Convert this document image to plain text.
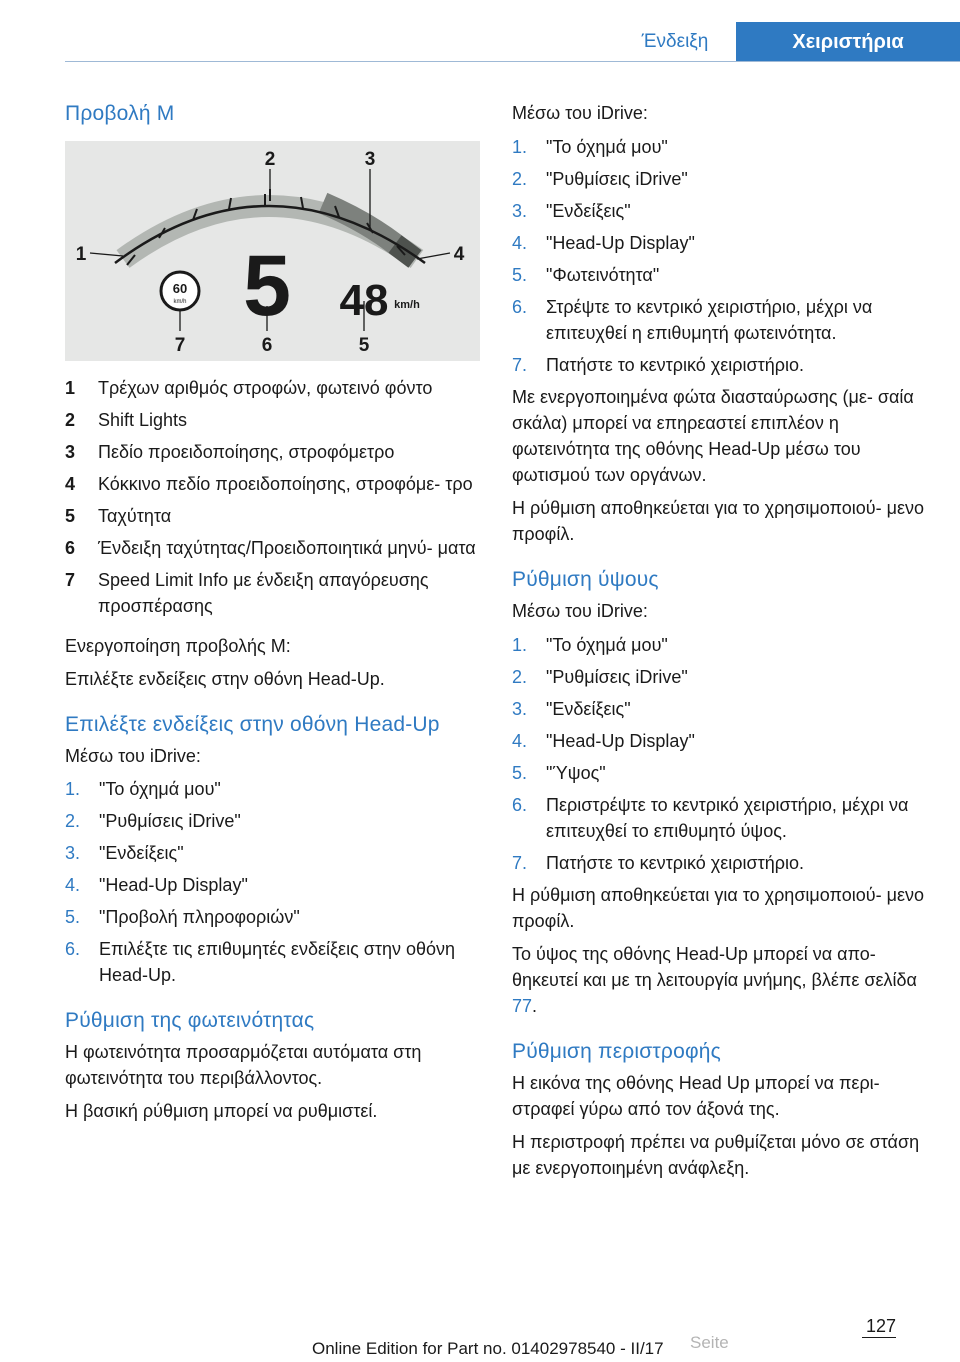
Ένδειξη	Χειριστήρια
Προβολή M
60
km/h 5 48 km/h
1
2	3
4
5
6
7
1	Τρέχων αριθμός στροφών, φωτεινό φόντο
2	Shift Lights
3	Πεδίο προειδοποίησης, στροφόμετρο
4	Κόκκινο πεδίο προειδοποίησης, στροφόμε‐ τρο
5	Ταχύτητα
6	Ένδειξη ταχύτητας/Προειδοποιητικά μηνύ‐ ματα
7	Speed Limit Info με ένδειξη απαγόρευσης προσπέρασης

Ενεργοποίηση προβολής M:

Επιλέξτε ενδείξεις στην οθόνη Head-Up.

Επιλέξτε ενδείξεις στην οθόνη Head-Up

Μέσω του iDrive:

1.	"Το όχημά μου"
2.	"Ρυθμίσεις iDrive"
3.	"Ενδείξεις"
4.	"Head-Up Display"
5.	"Προβολή πληροφοριών"
6.	Επιλέξτε τις επιθυμητές ενδείξεις στην οθόνη Head-Up.
Ρύθμιση της φωτεινότητας

Η φωτεινότητα προσαρμόζεται αυτόματα στη φωτεινότητα του περιβάλλοντος.

Η βασική ρύθμιση μπορεί να ρυθμιστεί.

Μέσω του iDrive:

1.	"Το όχημά μου"
2.	"Ρυθμίσεις iDrive"
3.	"Ενδείξεις"
4.	"Head-Up Display"
5.	"Φωτεινότητα"
6.	Στρέψτε το κεντρικό χειριστήριο, μέχρι να επιτευχθεί η επιθυμητή φωτεινότητα.
7.	Πατήστε το κεντρικό χειριστήριο.

Με ενεργοποιημένα φώτα διασταύρωσης (με‐ σαία σκάλα) μπορεί να επηρεαστεί επιπλέον η φωτεινότητα της οθόνης Head-Up μέσω του φωτισμού των οργάνων.

Η ρύθμιση αποθηκεύεται για το χρησιμοποιού‐ μενο προφίλ.

Ρύθμιση ύψους

Μέσω του iDrive:

1.	"Το όχημά μου"
2.	"Ρυθμίσεις iDrive"
3.	"Ενδείξεις"
4.	"Head-Up Display"
5.	"Ύψος"
6.	Περιστρέψτε το κεντρικό χειριστήριο, μέχρι να επιτευχθεί το επιθυμητό ύψος.
7.	Πατήστε το κεντρικό χειριστήριο.

Η ρύθμιση αποθηκεύεται για το χρησιμοποιού‐ μενο προφίλ.

Το ύψος της οθόνης Head-Up μπορεί να απο‐ θηκευτεί και με τη λειτουργία μνήμης, βλέπε σελίδα 77.

Ρύθμιση περιστροφής

Η εικόνα της οθόνης Head Up μπορεί να περι‐ στραφεί γύρω από τον άξονά της.

Η περιστροφή πρέπει να ρυθμίζεται μόνο σε στάση με ενεργοποιημένη ανάφλεξη.

127
Seite
Online Edition for Part no. 01402978540 - II/17
